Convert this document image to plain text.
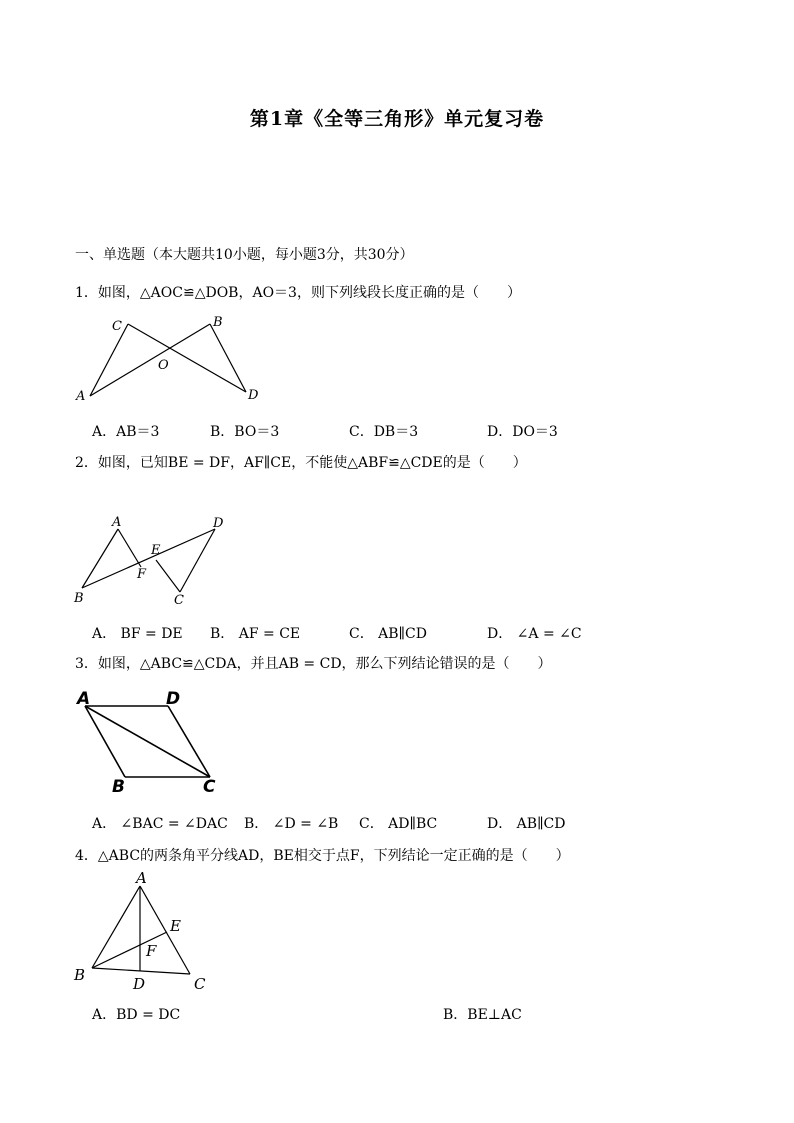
第1章《全等三角形》单元复习卷
一、单选题（本大题共10小题，每小题3分，共30分）
1．如图，△AOC≌△DOB，AO＝3，则下列线段长度正确的是（　　）
C	B
O
A	D
A．AB＝3	B．BO＝3	C．DB＝3	D．DO＝3
2．如图，已知BE = DF，AF∥CE，不能使△ABF≌△CDE的是（　　）
A	D
E
F
B	C
A． BF = DE B． AF = CE	C． AB∥CD	D． ∠A = ∠C
3．如图，△ABC≌△CDA，并且AB = CD，那么下列结论错误的是（　　）
A	D
B	C
A． ∠BAC = ∠DAC B． ∠D = ∠B C． AD∥BC	D． AB∥CD
4．△ABC的两条角平分线AD，BE相交于点F，下列结论一定正确的是（　　）
A
E
F
B	D	C
A．BD = DC	B．BE⊥AC
